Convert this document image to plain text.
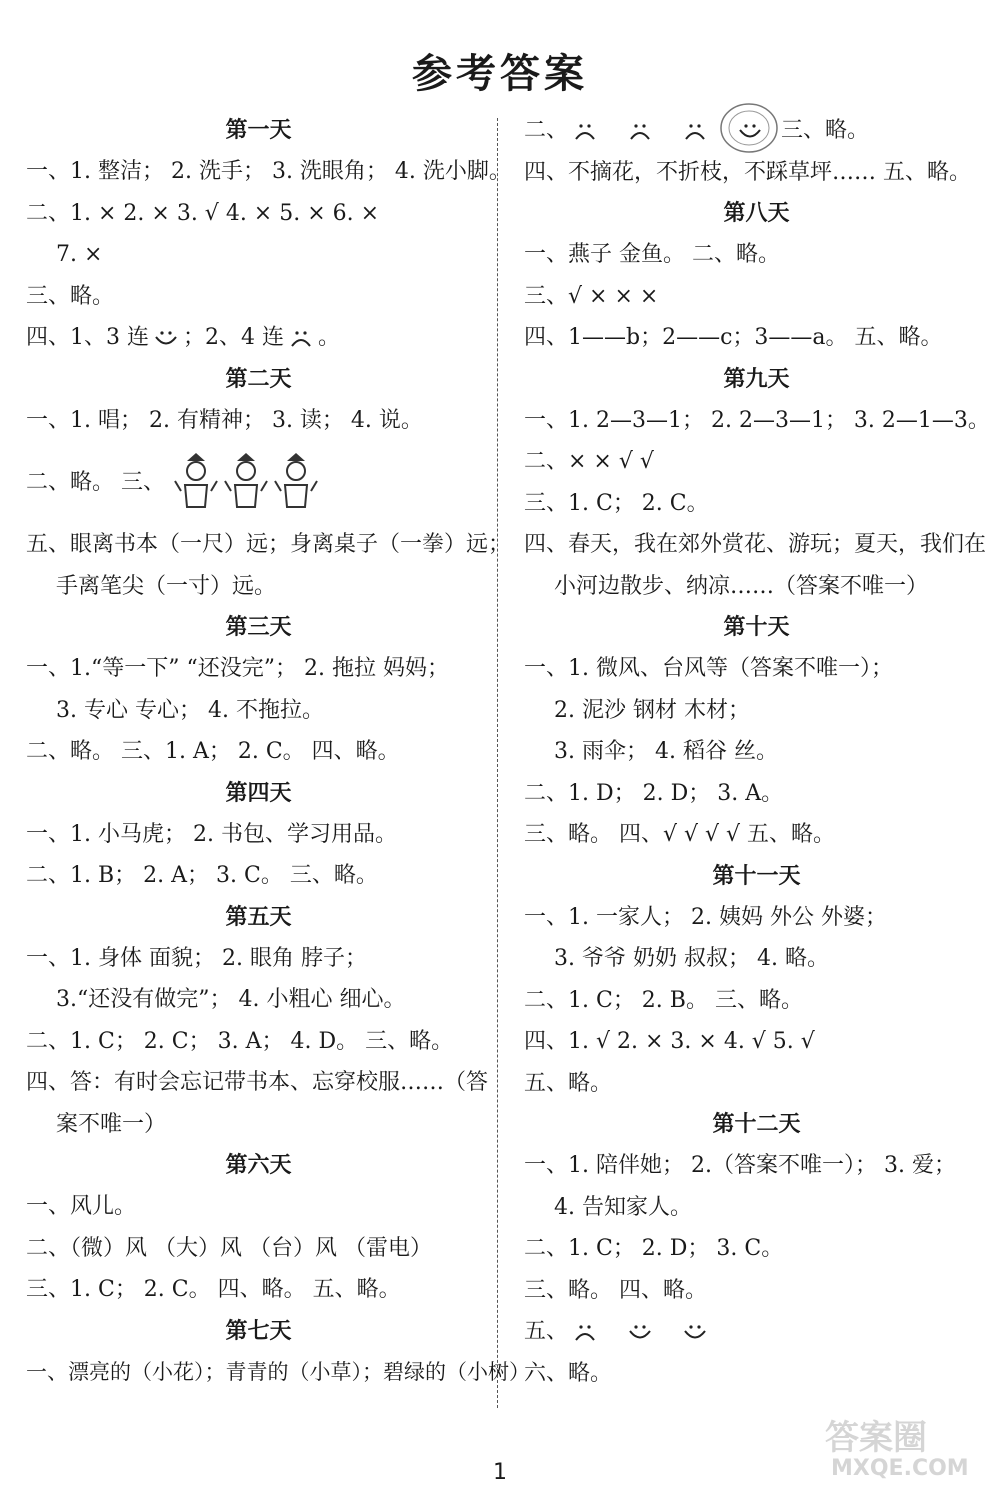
参考答案
第一天
一、1. 整洁； 2. 洗手； 3. 洗眼角； 4. 洗小脚。
二、1. × 2. × 3. √ 4. × 5. × 6. ×
7. ×
三、略。
四、1、3 连 ；2、4 连 。
第二天
一、1. 唱； 2. 有精神； 3. 读； 4. 说。
二、略。 三、
五、眼离书本（一尺）远；身离桌子（一拳）远；
手离笔尖（一寸）远。
第三天
一、1.“等一下” “还没完”； 2. 拖拉 妈妈；
3. 专心 专心； 4. 不拖拉。
二、略。 三、1. A； 2. C。 四、略。
第四天
一、1. 小马虎； 2. 书包、学习用品。
二、1. B； 2. A； 3. C。 三、略。
第五天
一、1. 身体 面貌； 2. 眼角 脖子；
3.“还没有做完”； 4. 小粗心 细心。
二、1. C； 2. C； 3. A； 4. D。 三、略。
四、答：有时会忘记带书本、忘穿校服……（答
案不唯一）
第六天
一、风儿。
二、（微）风 （大）风 （台）风 （雷电）
三、1. C； 2. C。 四、略。 五、略。
第七天
一、漂亮的（小花）；青青的（小草）；碧绿的（小树）
二、

	三、略。
四、不摘花，不折枝，不踩草坪…… 五、略。
第八天
一、燕子 金鱼。 二、略。
三、√ × × ×
四、1——b；2——c；3——a。 五、略。
第九天
一、1. 2—3—1； 2. 2—3—1； 3. 2—1—3。
二、× × √ √
三、1. C； 2. C。
四、春天，我在郊外赏花、游玩；夏天，我们在
小河边散步、纳凉……（答案不唯一）
第十天
一、1. 微风、台风等（答案不唯一）；
2. 泥沙 钢材 木材；
3. 雨伞； 4. 稻谷 丝。
二、1. D； 2. D； 3. A。
三、略。 四、√ √ √ √ 五、略。
第十一天
一、1. 一家人； 2. 姨妈 外公 外婆；
3. 爷爷 奶奶 叔叔； 4. 略。
二、1. C； 2. B。 三、略。
四、1. √ 2. × 3. × 4. √ 5. √
五、略。
第十二天
一、1. 陪伴她； 2.（答案不唯一）； 3. 爱；
4. 告知家人。
二、1. C； 2. D； 3. C。
三、略。 四、略。
五、

六、略。
1
答案圈
MXQE.COM
